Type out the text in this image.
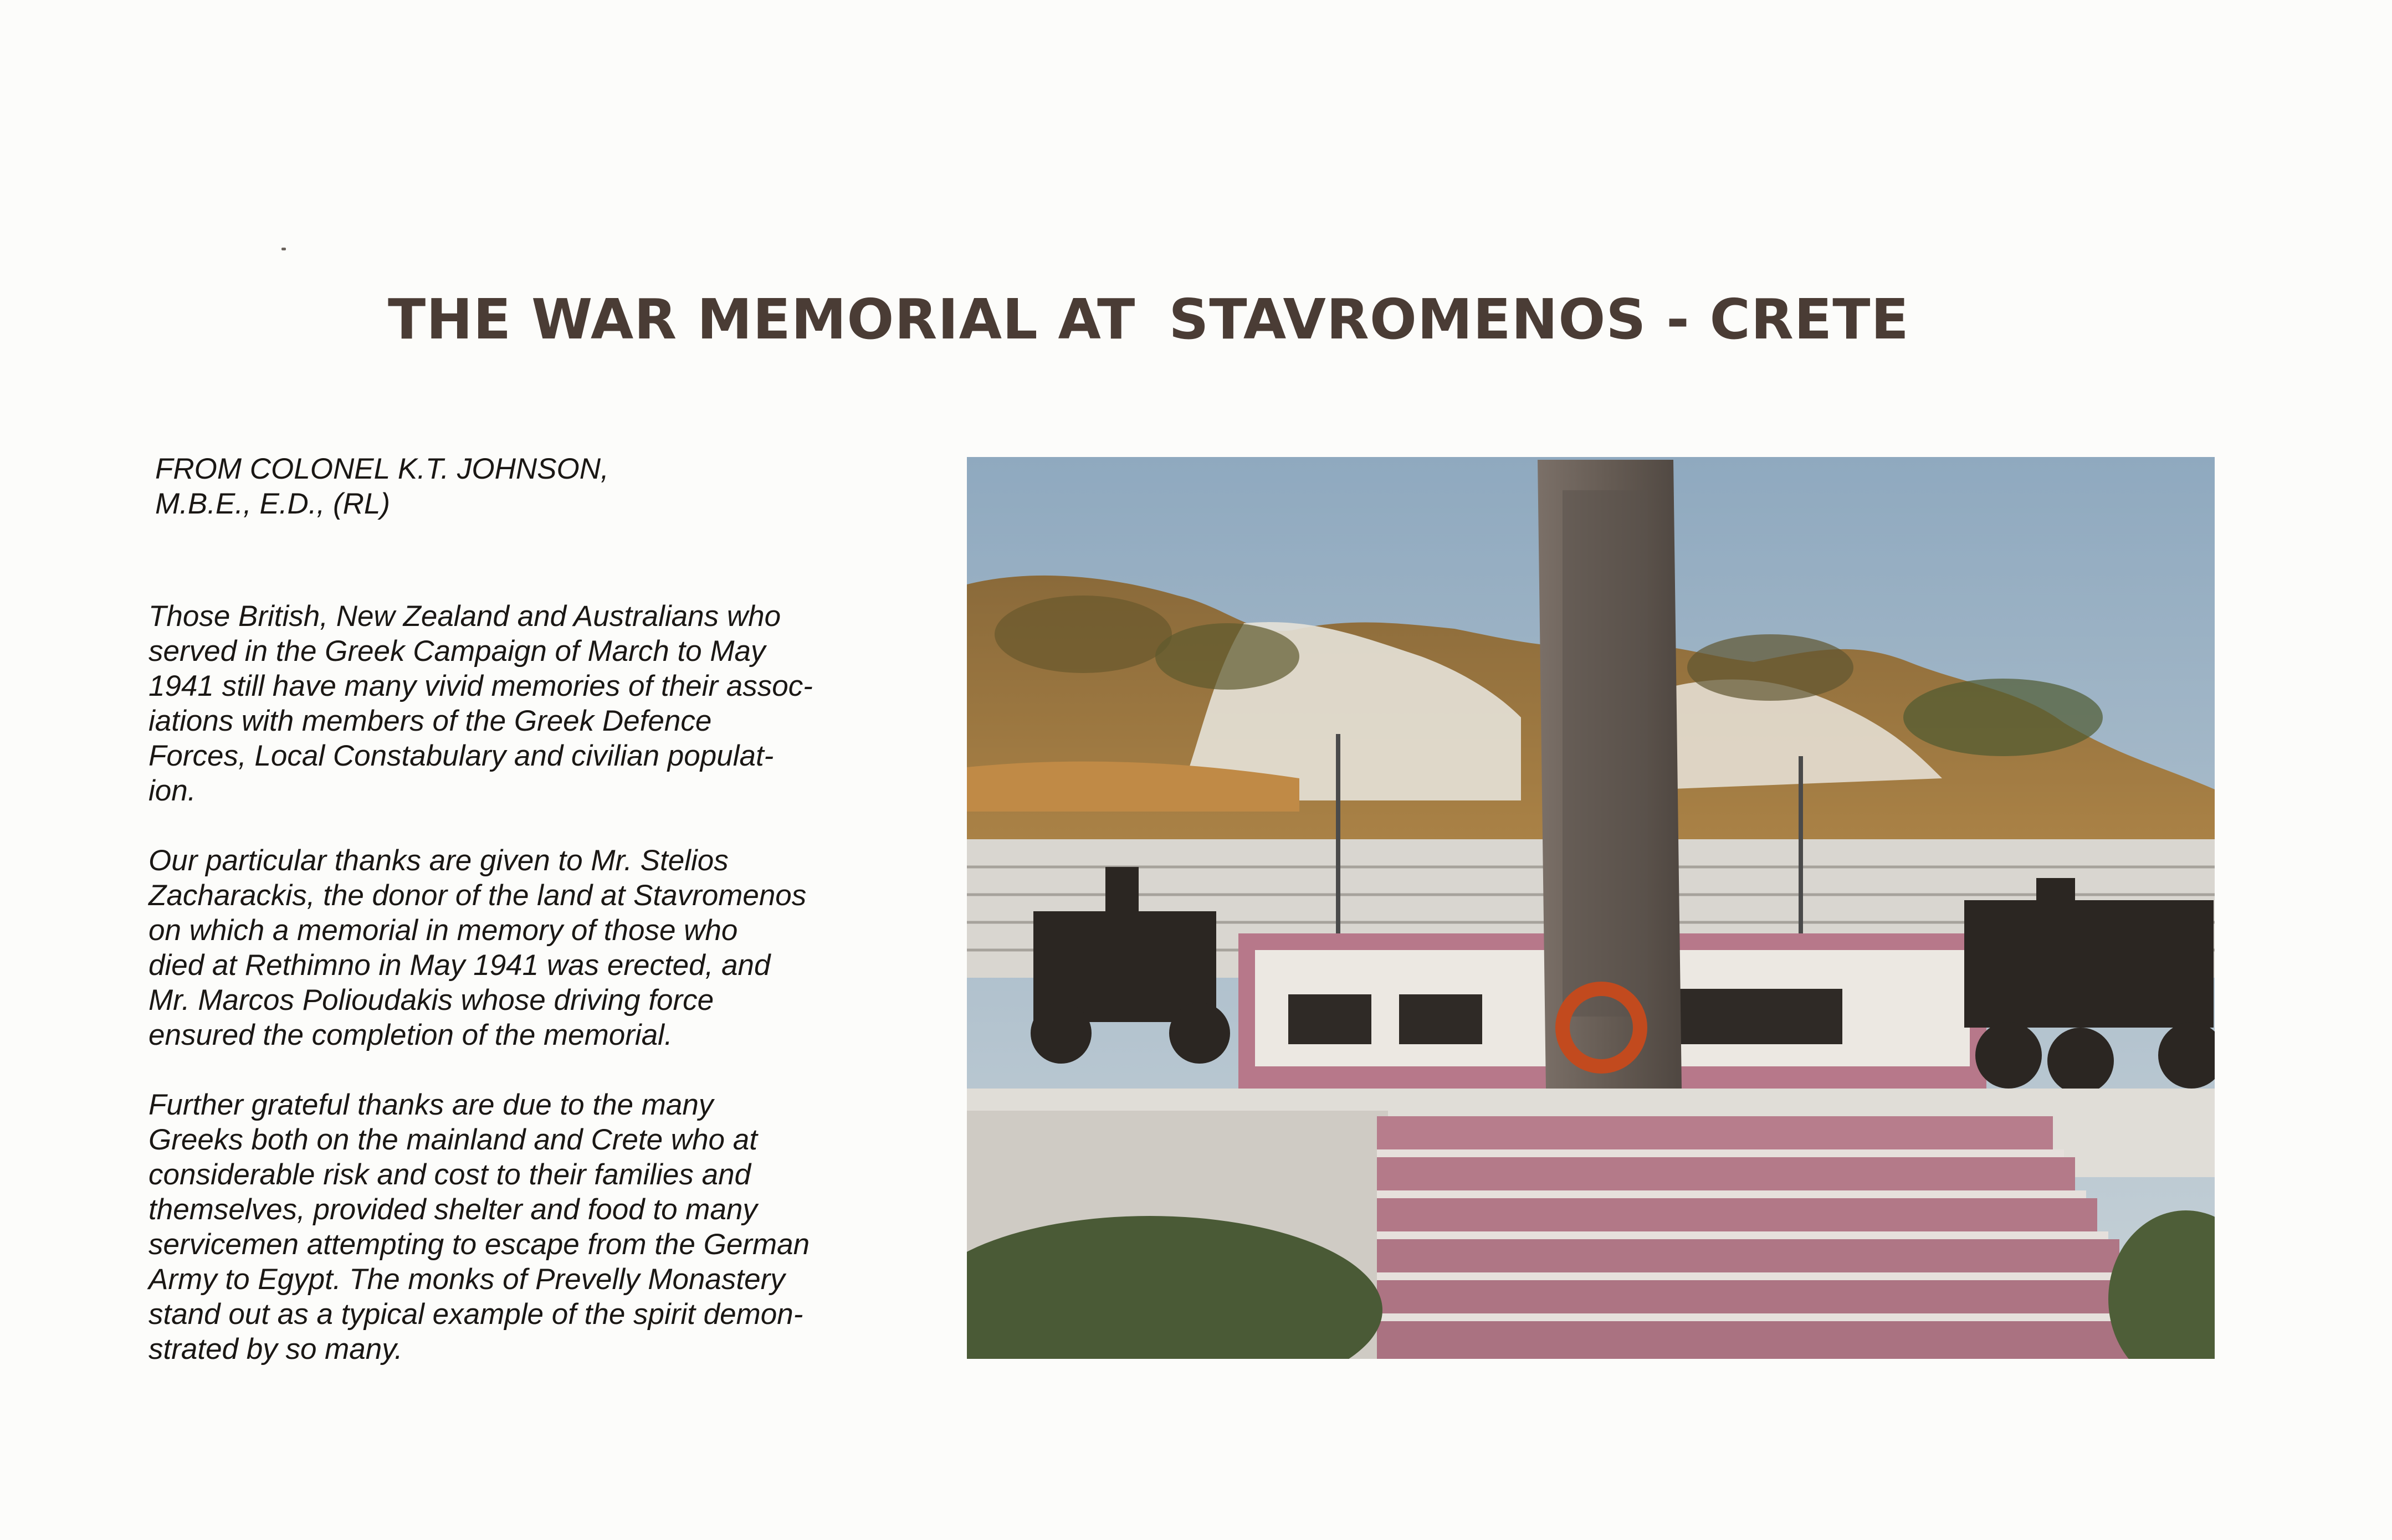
THE WAR MEMORIAL AT STAVROMENOS - CRETE
FROM COLONEL K.T. JOHNSON,
M.B.E., E.D., (RL)

Those British, New Zealand and Australians who
served in the Greek Campaign of March to May
1941 still have many vivid memories of their assoc-
iations with members of the Greek Defence
Forces, Local Constabulary and civilian populat-
ion.

Our particular thanks are given to Mr. Stelios
Zacharackis, the donor of the land at Stavromenos
on which a memorial in memory of those who
died at Rethimno in May 1941 was erected, and
Mr. Marcos Polioudakis whose driving force
ensured the completion of the memorial.

Further grateful thanks are due to the many
Greeks both on the mainland and Crete who at
considerable risk and cost to their families and
themselves, provided shelter and food to many
servicemen attempting to escape from the German
Army to Egypt. The monks of Prevelly Monastery
stand out as a typical example of the spirit demon-
strated by so many.
